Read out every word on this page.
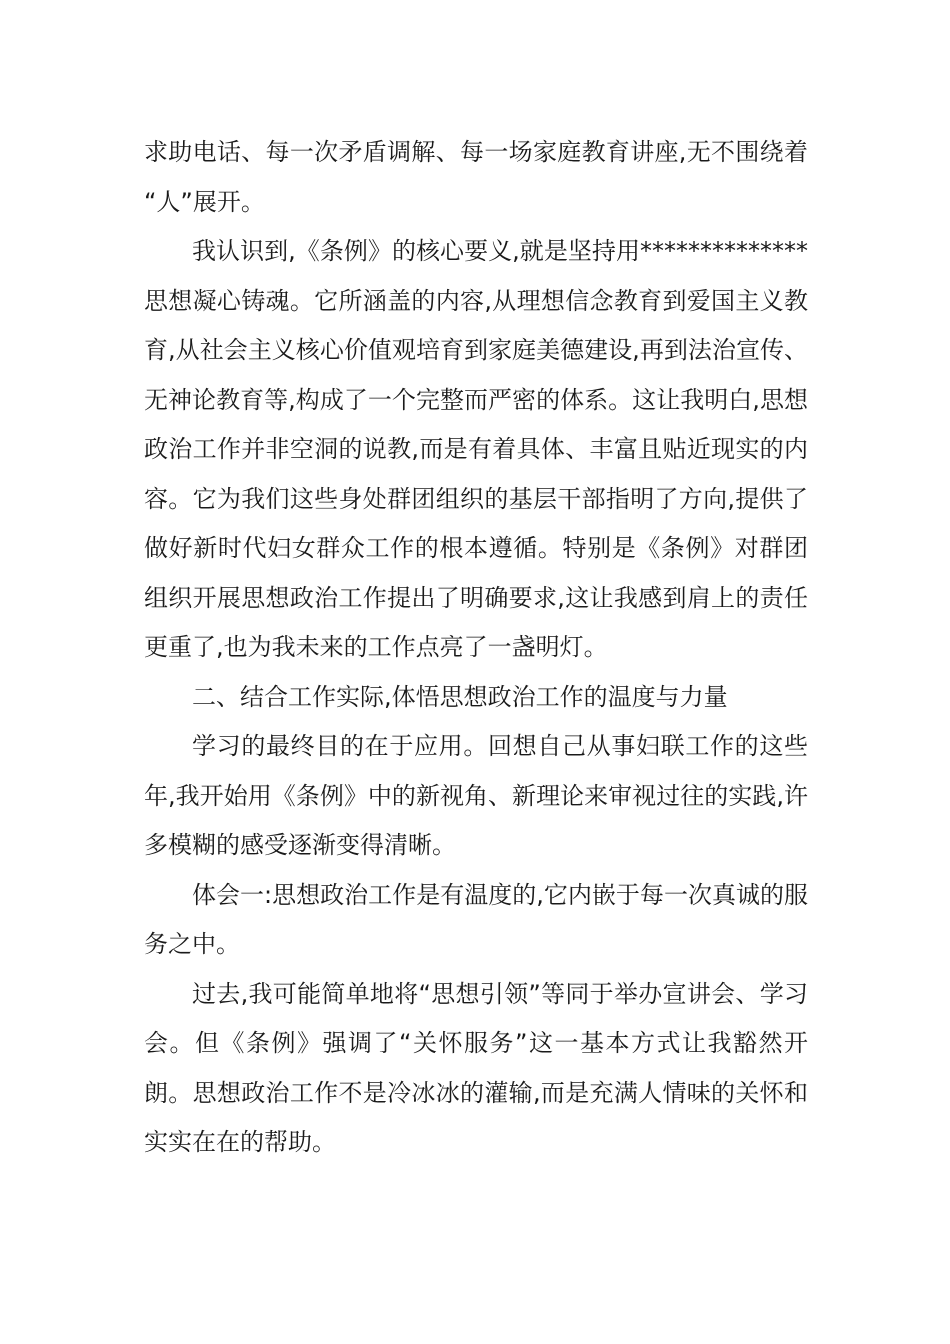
求助电话、每一次矛盾调解、每一场家庭教育讲座,无不围绕着 “人”展开。

我认识到,《条例》的核心要义,就是坚持用**************思想凝心铸魂。它所涵盖的内容,从理想信念教育到爱国主义教育,从社会主义核心价值观培育到家庭美德建设,再到法治宣传、无神论教育等,构成了一个完整而严密的体系。这让我明白,思想政治工作并非空洞的说教,而是有着具体、丰富且贴近现实的内容。它为我们这些身处群团组织的基层干部指明了方向,提供了做好新时代妇女群众工作的根本遵循。特别是《条例》对群团组织开展思想政治工作提出了明确要求,这让我感到肩上的责任更重了,也为我未来的工作点亮了一盏明灯。

二、结合工作实际,体悟思想政治工作的温度与力量

学习的最终目的在于应用。回想自己从事妇联工作的这些年,我开始用《条例》中的新视角、新理论来审视过往的实践,许多模糊的感受逐渐变得清晰。

体会一:思想政治工作是有温度的,它内嵌于每一次真诚的服务之中。

过去,我可能简单地将“思想引领”等同于举办宣讲会、学习会。但《条例》强调了“关怀服务”这一基本方式让我豁然开朗。思想政治工作不是冷冰冰的灌输,而是充满人情味的关怀和实实在在的帮助。
